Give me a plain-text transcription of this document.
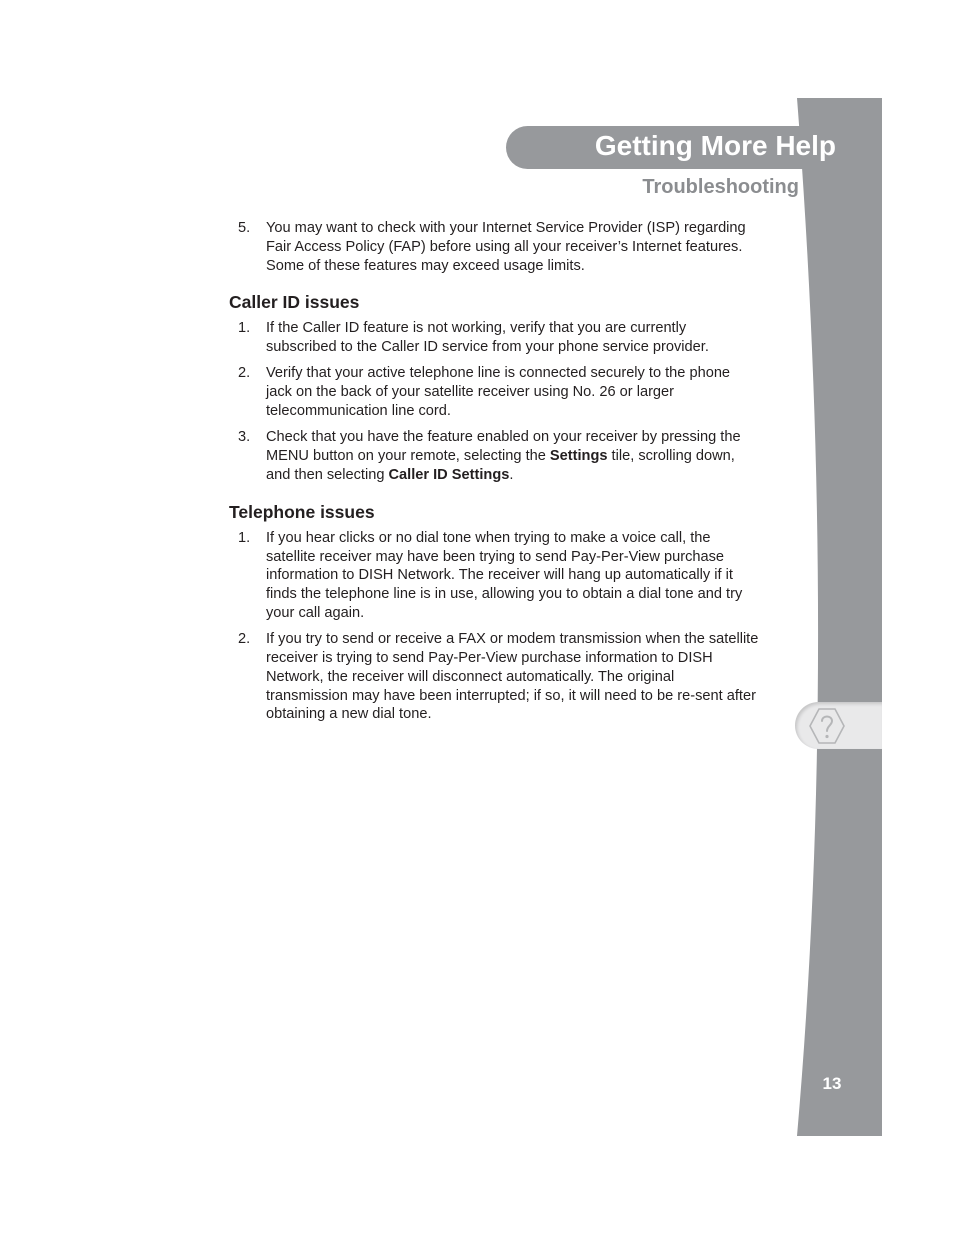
Getting More Help
Troubleshooting
5. You may want to check with your Internet Service Provider (ISP) regarding Fair Access Policy (FAP) before using all your receiver’s Internet features. Some of these features may exceed usage limits.
Caller ID issues
1. If the Caller ID feature is not working, verify that you are currently subscribed to the Caller ID service from your phone service provider.
2. Verify that your active telephone line is connected securely to the phone jack on the back of your satellite receiver using No. 26 or larger telecommunication line cord.
3. Check that you have the feature enabled on your receiver by pressing the MENU button on your remote, selecting the Settings tile, scrolling down, and then selecting Caller ID Settings.
Telephone issues
1. If you hear clicks or no dial tone when trying to make a voice call, the satellite receiver may have been trying to send Pay-Per-View purchase information to DISH Network. The receiver will hang up automatically if it finds the telephone line is in use, allowing you to obtain a dial tone and try your call again.
2. If you try to send or receive a FAX or modem transmission when the satellite receiver is trying to send Pay-Per-View purchase information to DISH Network, the receiver will disconnect automatically. The original transmission may have been interrupted; if so, it will need to be re-sent after obtaining a new dial tone.
13
